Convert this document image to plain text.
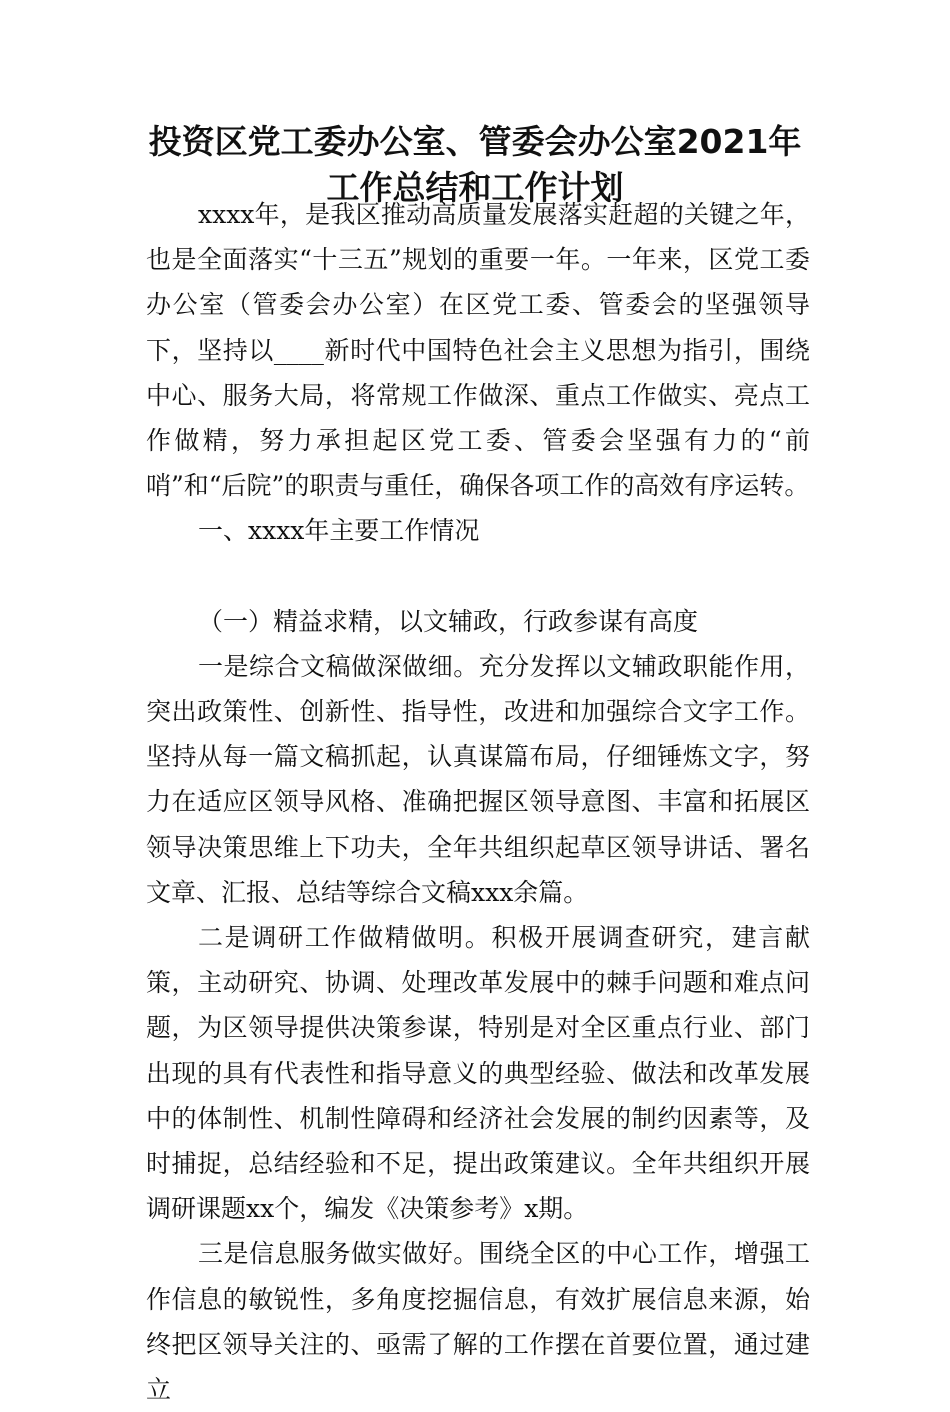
投资区党工委办公室、管委会办公室2021年
工作总结和工作计划

xxxx年，是我区推动高质量发展落实赶超的关键之年，也是全面落实“十三五”规划的重要一年。一年来，区党工委办公室（管委会办公室）在区党工委、管委会的坚强领导下，坚持以____新时代中国特色社会主义思想为指引，围绕中心、服务大局，将常规工作做深、重点工作做实、亮点工作做精，努力承担起区党工委、管委会坚强有力的“前哨”和“后院”的职责与重任，确保各项工作的高效有序运转。

一、xxxx年主要工作情况

（一）精益求精，以文辅政，行政参谋有高度

一是综合文稿做深做细。充分发挥以文辅政职能作用，突出政策性、创新性、指导性，改进和加强综合文字工作。坚持从每一篇文稿抓起，认真谋篇布局，仔细锤炼文字，努力在适应区领导风格、准确把握区领导意图、丰富和拓展区领导决策思维上下功夫，全年共组织起草区领导讲话、署名文章、汇报、总结等综合文稿xxx余篇。

二是调研工作做精做明。积极开展调查研究，建言献策，主动研究、协调、处理改革发展中的棘手问题和难点问题，为区领导提供决策参谋，特别是对全区重点行业、部门出现的具有代表性和指导意义的典型经验、做法和改革发展中的体制性、机制性障碍和经济社会发展的制约因素等，及时捕捉，总结经验和不足，提出政策建议。全年共组织开展调研课题xx个，编发《决策参考》x期。

三是信息服务做实做好。围绕全区的中心工作，增强工作信息的敏锐性，多角度挖掘信息，有效扩展信息来源，始终把区领导关注的、亟需了解的工作摆在首要位置，通过建立
